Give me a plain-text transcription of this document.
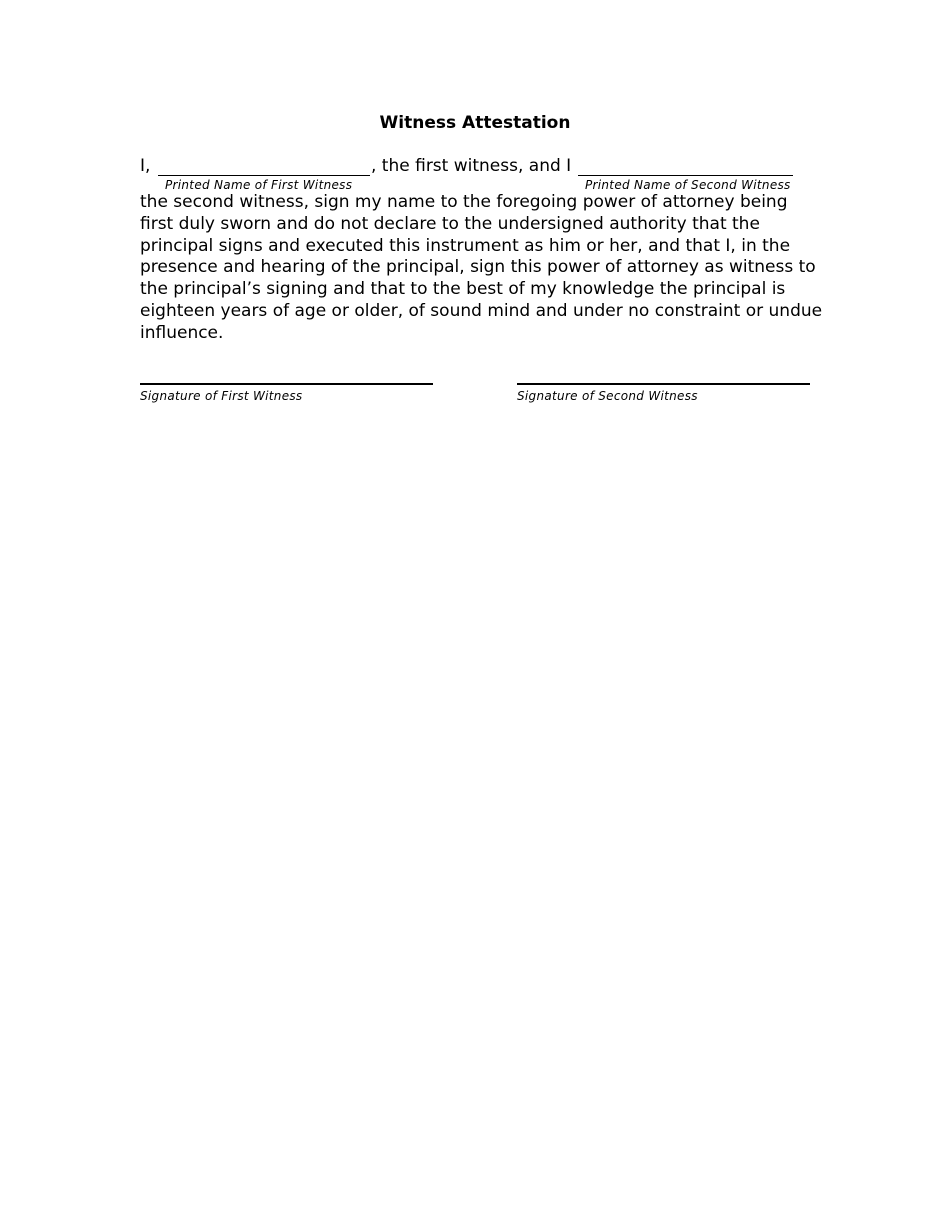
Witness Attestation
I,	, the first witness, and I
Printed Name of First Witness	Printed Name of Second Witness

the second witness, sign my name to the foregoing power of attorney being
first duly sworn and do not declare to the undersigned authority that the
principal signs and executed this instrument as him or her, and that I, in the
presence and hearing of the principal, sign this power of attorney as witness to
the principal’s signing and that to the best of my knowledge the principal is
eighteen years of age or older, of sound mind and under no constraint or undue
influence.

Signature of First Witness	Signature of Second Witness
